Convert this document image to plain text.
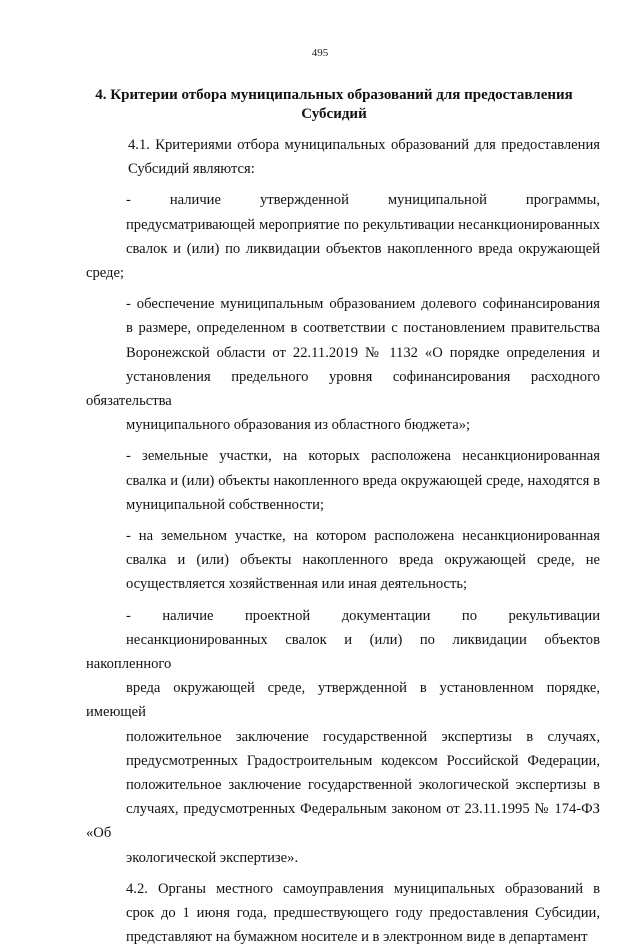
495
4. Критерии отбора муниципальных образований для предоставления
Субсидий

4.1. Критериями отбора муниципальных образований для предоставления
Субсидий являются:

- наличие утвержденной муниципальной программы,
предусматривающей мероприятие по рекультивации несанкционированных
свалок и (или) по ликвидации объектов накопленного вреда окружающей среде;

- обеспечение муниципальным образованием долевого софинансирования
в размере, определенном в соответствии с постановлением правительства
Воронежской области от 22.11.2019 № 1132 «О порядке определения и
установления предельного уровня софинансирования расходного обязательства
муниципального образования из областного бюджета»;

- земельные участки, на которых расположена несанкционированная
свалка и (или) объекты накопленного вреда окружающей среде, находятся в
муниципальной собственности;

- на земельном участке, на котором расположена несанкционированная
свалка и (или) объекты накопленного вреда окружающей среде, не
осуществляется хозяйственная или иная деятельность;

- наличие проектной документации по рекультивации
несанкционированных свалок и (или) по ликвидации объектов накопленного
вреда окружающей среде, утвержденной в установленном порядке, имеющей
положительное заключение государственной экспертизы в случаях,
предусмотренных Градостроительным кодексом Российской Федерации,
положительное заключение государственной экологической экспертизы в
случаях, предусмотренных Федеральным законом от 23.11.1995 № 174-ФЗ «Об
экологической экспертизе».

4.2. Органы местного самоуправления муниципальных образований в
срок до 1 июня года, предшествующего году предоставления Субсидии,
представляют на бумажном носителе и в электронном виде в департамент
